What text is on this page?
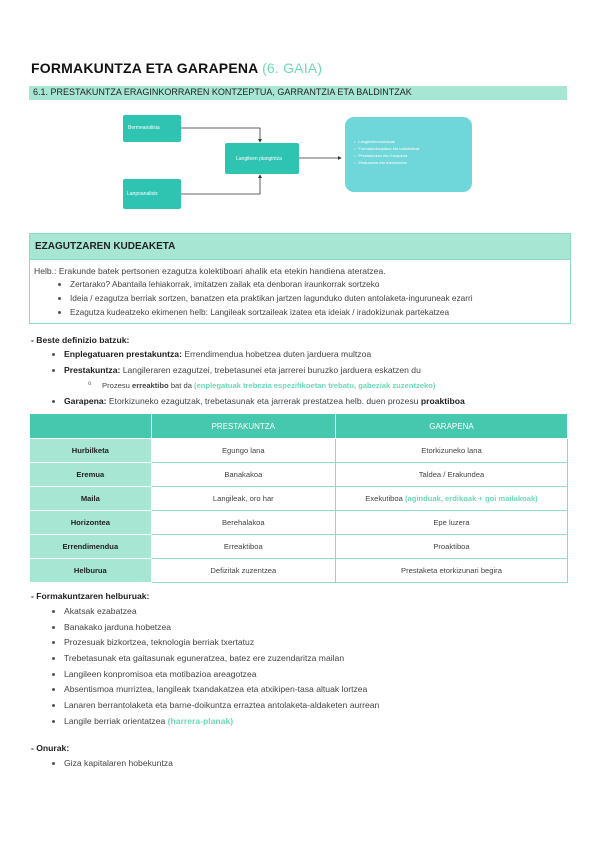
FORMAKUNTZA ETA GARAPENA (6. GAIA)
6.1. PRESTAKUNTZA ERAGINKORRAREN KONTZEPTUA, GARRANTZIA ETA BALDINTZAK
Bermeanalisia
Lanpoanalisis
Langileen plangintza
• Langileakonustatuak
• Formakuntzaplana eta baliabideak
• Prestakuntza eta Garapena
• Ebaluazioa eta hobekuntza
EZAGUTZAREN KUDEAKETA
Helb.: Erakunde batek pertsonen ezagutza kolektiboari ahalik eta etekin handiena ateratzea.
Zertarako? Abantaila lehiakorrak, imitatzen zailak eta denboran iraunkorrak sortzeko
Ideia / ezagutza berriak sortzen, banatzen eta praktikan jartzen lagunduko duten antolaketa-inguruneak ezarri
Ezagutza kudeatzeko ekimenen helb: Langileak sortzaileak izatea eta ideiak / iradokizunak partekatzea
- Beste definizio batzuk:
Enplegatuaren prestakuntza: Errendimendua hobetzea duten jarduera multzoa
Prestakuntza: Langileraren ezagutzei, trebetasunei eta jarrerei buruzko jarduera eskatzen du
o Prozesu erreaktibo bat da (enplegatuak trebezia espezifikoetan trebatu, gabeziak zuzentzeko)
Garapena: Etorkizuneko ezagutzak, trebetasunak eta jarrerak prestatzea helb. duen prozesu proaktiboa
	PRESTAKUNTZA	GARAPENA
Hurbilketa	Egungo lana	Etorkizuneko lana
Eremua	Banakakoa	Taldea / Erakundea
Maila	Langileak, oro har	Exekutiboa (aginduak, erdikoak + goi mailakoak)
Horizontea	Berehalakoa	Epe luzera
Errendimendua	Erreaktiboa	Proaktiboa
Helburua	Defizitak zuzentzea	Prestaketa etorkizunari begira
- Formakuntzaren helburuak:
Akatsak ezabatzea
Banakako jarduna hobetzea
Prozesuak bizkortzea, teknologia berriak txertatuz
Trebetasunak eta gaitasunak eguneratzea, batez ere zuzendaritza mailan
Langileen konpromisoa eta motibazioa areagotzea
Absentismoa murriztea, langileak txandakatzea eta atxikipen-tasa altuak lortzea
Lanaren berrantolaketa eta barne-doikuntza erraztea antolaketa-aldaketen aurrean
Langile berriak orientatzea (harrera-planak)
- Onurak:
Giza kapitalaren hobekuntza
